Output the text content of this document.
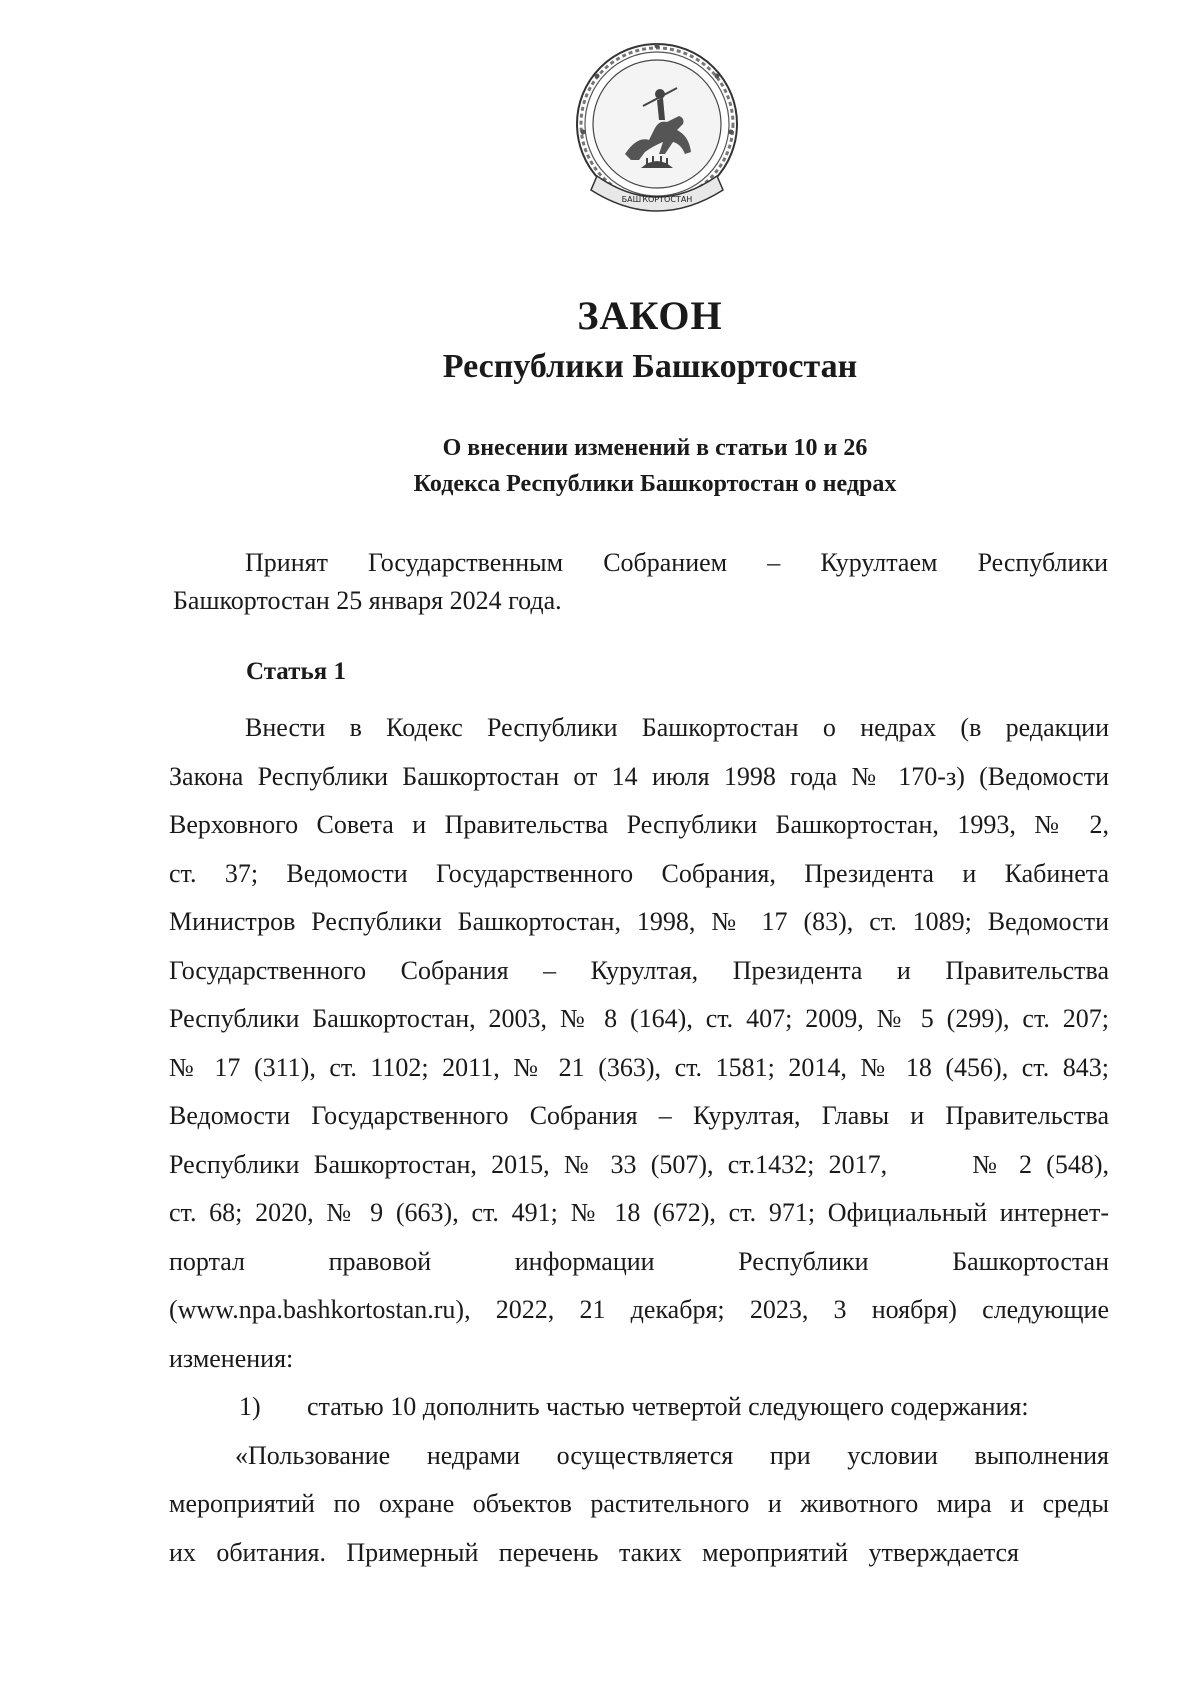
БАШҠОРТОСТАН
ЗАКОН
Республики Башкортостан
О внесении изменений в статьи 10 и 26
Кодекса Республики Башкортостан о недрах
Принят Государственным Собранием – Курултаем Республики
Башкортостан 25 января 2024 года.
Статья 1
Внести в Кодекс Республики Башкортостан о недрах (в редакции
Закона Республики Башкортостан от 14 июля 1998 года № 170-з) (Ведомости
Верховного Совета и Правительства Республики Башкортостан, 1993, № 2,
ст. 37; Ведомости Государственного Собрания, Президента и Кабинета
Министров Республики Башкортостан, 1998, № 17 (83), ст. 1089; Ведомости
Государственного Собрания – Курултая, Президента и Правительства
Республики Башкортостан, 2003, № 8 (164), ст. 407; 2009, № 5 (299), ст. 207;
№ 17 (311), ст. 1102; 2011, № 21 (363), ст. 1581; 2014, № 18 (456), ст. 843;
Ведомости Государственного Собрания – Курултая, Главы и Правительства
Республики Башкортостан, 2015, № 33 (507), ст.1432; 2017,      № 2 (548),
ст. 68; 2020, № 9 (663), ст. 491; № 18 (672), ст. 971; Официальный интернет-
портал правовой информации Республики Башкортостан
(www.npa.bashkortostan.ru), 2022, 21 декабря; 2023, 3 ноября) следующие
изменения:
1) статью 10 дополнить частью четвертой следующего содержания:
«Пользование недрами осуществляется при условии выполнения
мероприятий по охране объектов растительного и животного мира и среды
их обитания. Примерный перечень таких мероприятий утверждается
